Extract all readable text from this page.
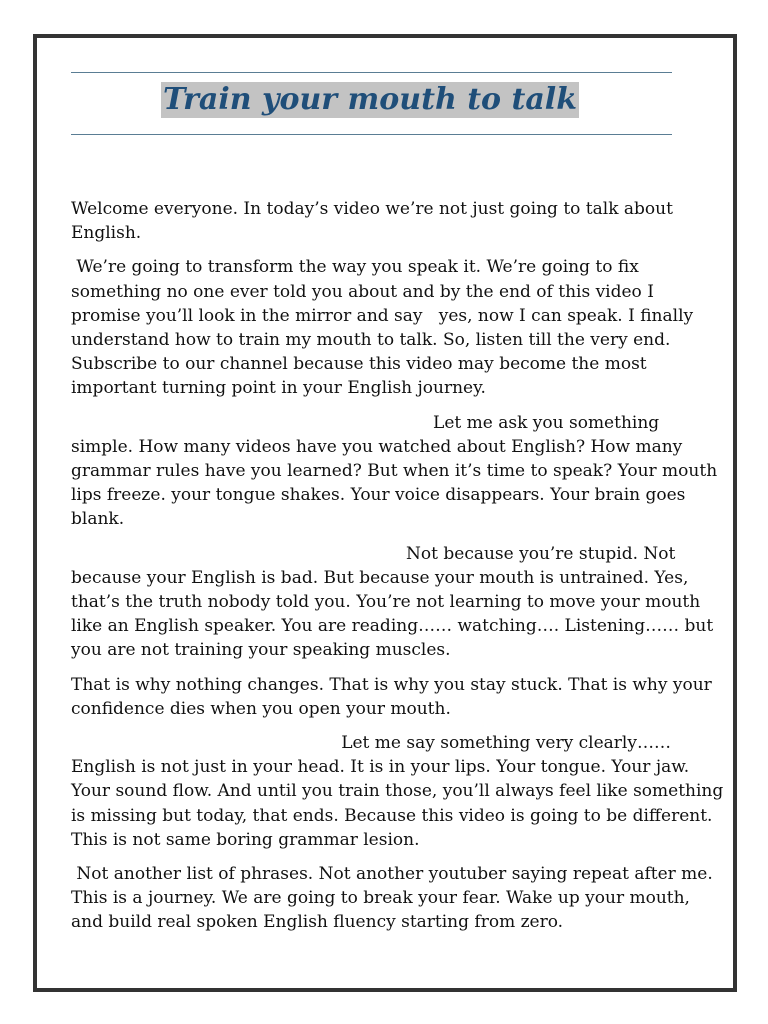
Train your mouth to talk

Welcome everyone. In today’s video we’re not just going to talk about English.

We’re going to transform the way you speak it. We’re going to fix something no one ever told you about and by the end of this video I promise you’ll look in the mirror and say   yes, now I can speak. I finally understand how to train my mouth to talk. So, listen till the very end. Subscribe to our channel because this video may become the most important turning point in your English journey.

Let me ask you something simple. How many videos have you watched about English? How many grammar rules have you learned? But when it’s time to speak? Your mouth lips freeze. your tongue shakes. Your voice disappears. Your brain goes blank.

Not because you’re stupid. Not because your English is bad. But because your mouth is untrained. Yes, that’s the truth nobody told you. You’re not learning to move your mouth like an English speaker. You are reading…… watching…. Listening…… but you are not training your speaking muscles.

That is why nothing changes. That is why you stay stuck. That is why your confidence dies when you open your mouth.

Let me say something very clearly…… English is not just in your head. It is in your lips. Your tongue. Your jaw. Your sound flow. And until you train those, you’ll always feel like something is missing but today, that ends. Because this video is going to be different. This is not same boring grammar lesion.

Not another list of phrases. Not another youtuber saying repeat after me. This is a journey. We are going to break your fear. Wake up your mouth, and build real spoken English fluency starting from zero.
